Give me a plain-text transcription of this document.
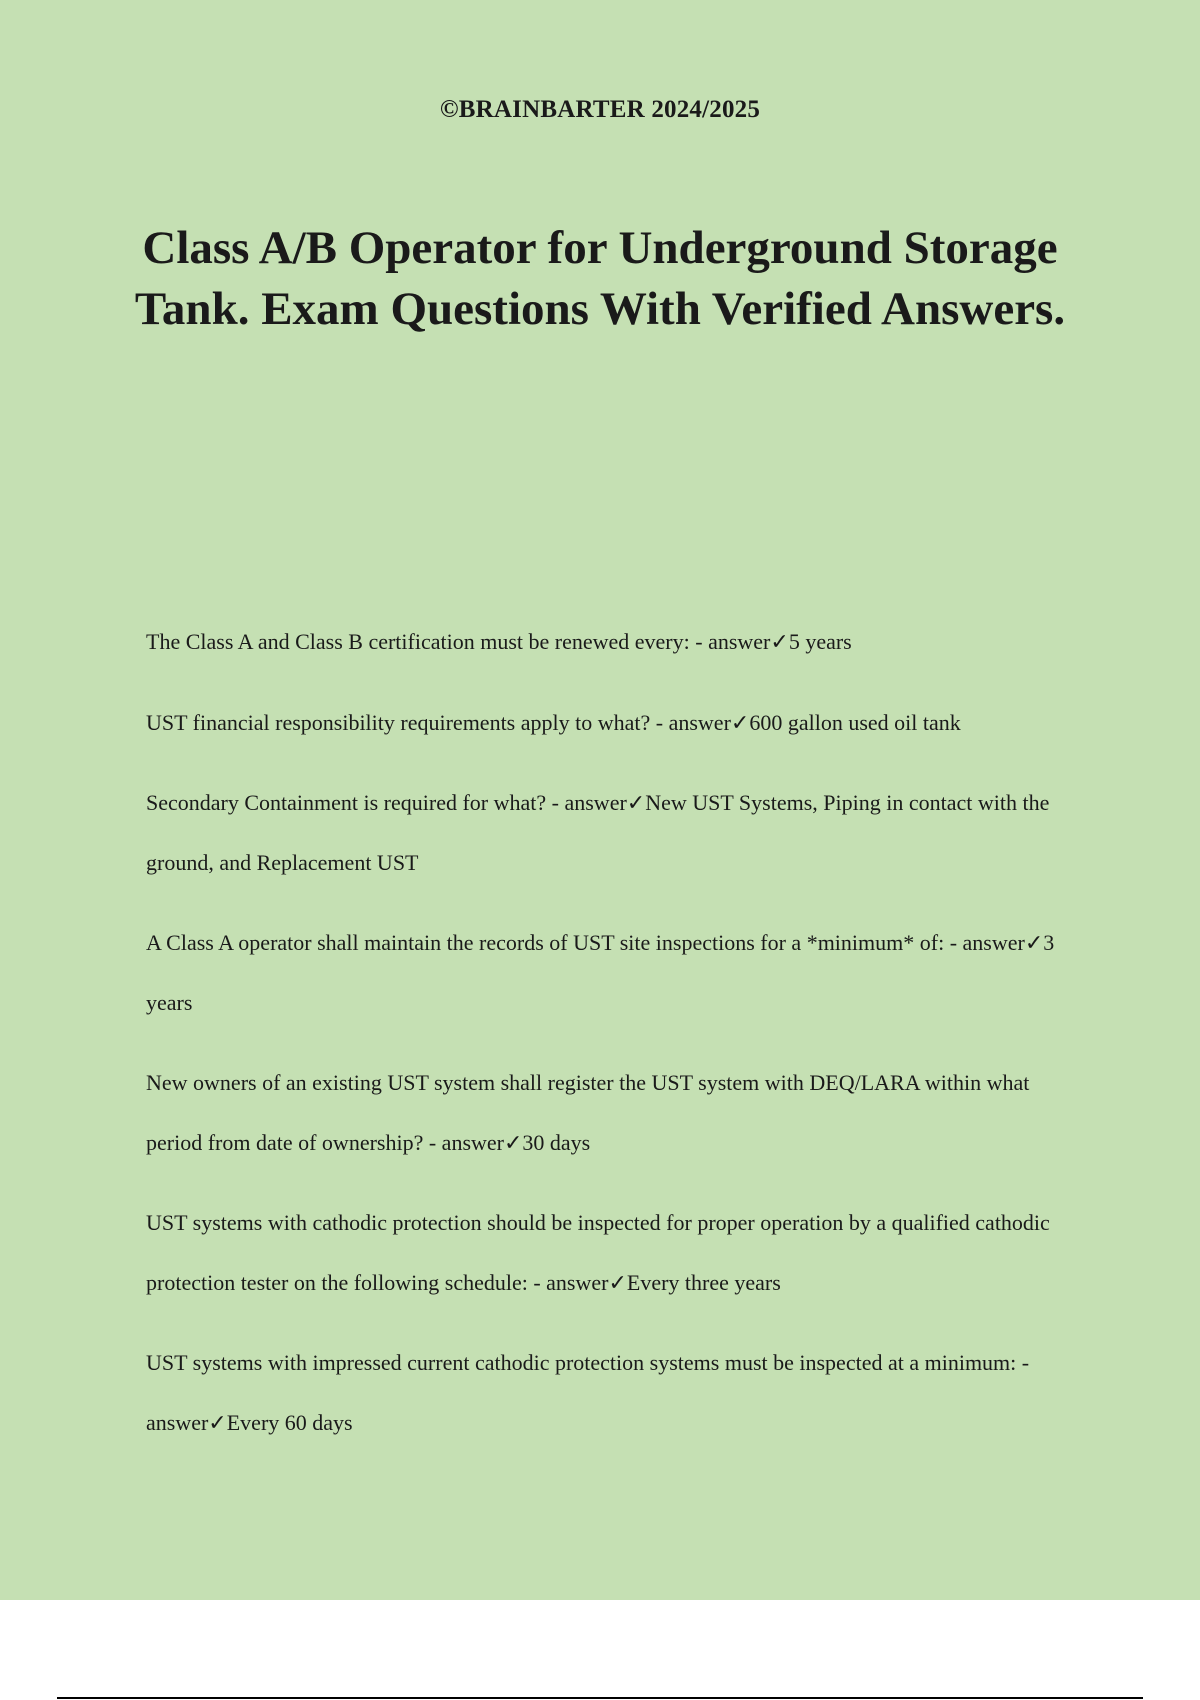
©BRAINBARTER 2024/2025
Class A/B Operator for Underground Storage Tank. Exam Questions With Verified Answers.
The Class A and Class B certification must be renewed every: - answer✓5 years
UST financial responsibility requirements apply to what? - answer✓600 gallon used oil tank
Secondary Containment is required for what? - answer✓New UST Systems, Piping in contact with the ground, and Replacement UST
A Class A operator shall maintain the records of UST site inspections for a *minimum* of: - answer✓3 years
New owners of an existing UST system shall register the UST system with DEQ/LARA within what period from date of ownership? - answer✓30 days
UST systems with cathodic protection should be inspected for proper operation by a qualified cathodic protection tester on the following schedule: - answer✓Every three years
UST systems with impressed current cathodic protection systems must be inspected at a minimum: - answer✓Every 60 days
